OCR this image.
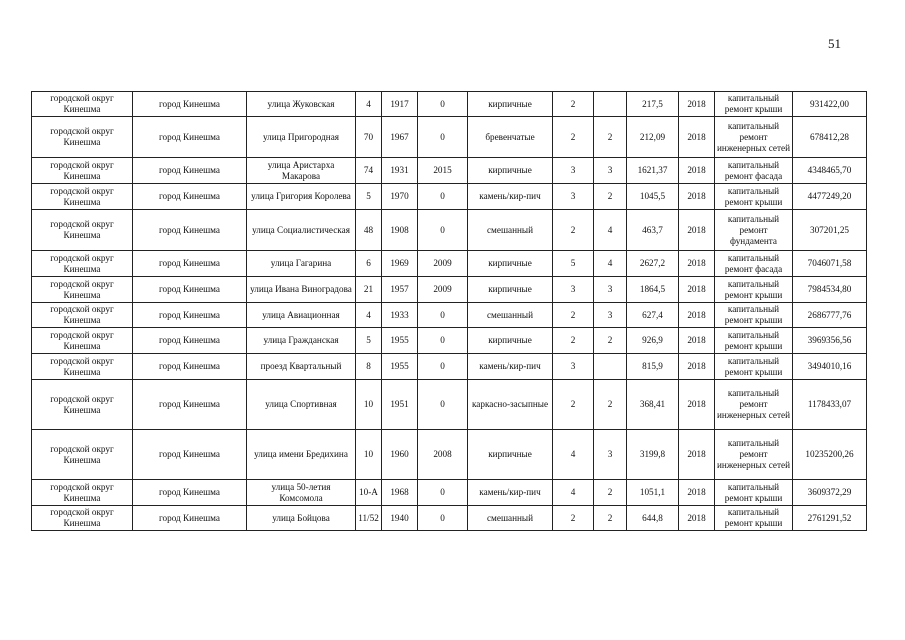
51
городской округ Кинешма	город Кинешма	улица Жуковская	4	1917	0	кирпичные	2		217,5	2018	капитальный ремонт крыши	931422,00
городской округ Кинешма	город Кинешма	улица Пригородная	70	1967	0	бревенчатые	2	2	212,09	2018	капитальный ремонт инженерных сетей	678412,28
городской округ Кинешма	город Кинешма	улица Аристарха Макарова	74	1931	2015	кирпичные	3	3	1621,37	2018	капитальный ремонт фасада	4348465,70
городской округ Кинешма	город Кинешма	улица Григория Королева	5	1970	0	камень/кир-пич	3	2	1045,5	2018	капитальный ремонт крыши	4477249,20
городской округ Кинешма	город Кинешма	улица Социалистическая	48	1908	0	смешанный	2	4	463,7	2018	капитальный ремонт фундамента	307201,25
городской округ Кинешма	город Кинешма	улица Гагарина	6	1969	2009	кирпичные	5	4	2627,2	2018	капитальный ремонт фасада	7046071,58
городской округ Кинешма	город Кинешма	улица Ивана Виноградова	21	1957	2009	кирпичные	3	3	1864,5	2018	капитальный ремонт крыши	7984534,80
городской округ Кинешма	город Кинешма	улица Авиационная	4	1933	0	смешанный	2	3	627,4	2018	капитальный ремонт крыши	2686777,76
городской округ Кинешма	город Кинешма	улица Гражданская	5	1955	0	кирпичные	2	2	926,9	2018	капитальный ремонт крыши	3969356,56
городской округ Кинешма	город Кинешма	проезд Квартальный	8	1955	0	камень/кир-пич	3		815,9	2018	капитальный ремонт крыши	3494010,16
городской округ Кинешма	город Кинешма	улица Спортивная	10	1951	0	каркасно-засыпные	2	2	368,41	2018	капитальный ремонт инженерных сетей	1178433,07
городской округ Кинешма	город Кинешма	улица имени Бредихина	10	1960	2008	кирпичные	4	3	3199,8	2018	капитальный ремонт инженерных сетей	10235200,26
городской округ Кинешма	город Кинешма	улица 50-летия Комсомола	10-А	1968	0	камень/кир-пич	4	2	1051,1	2018	капитальный ремонт крыши	3609372,29
городской округ Кинешма	город Кинешма	улица Бойцова	11/52	1940	0	смешанный	2	2	644,8	2018	капитальный ремонт крыши	2761291,52
